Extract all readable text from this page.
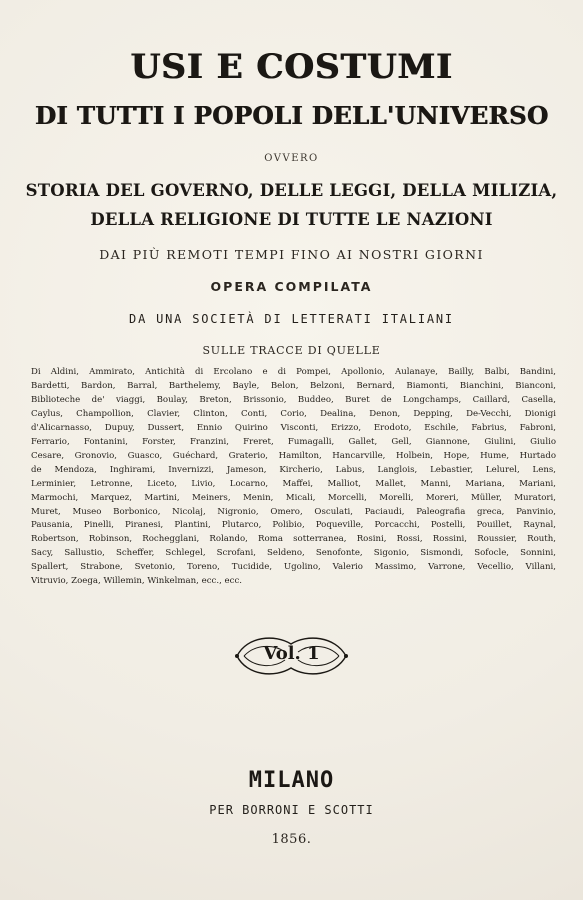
USI E COSTUMI
DI TUTTI I POPOLI DELL'UNIVERSO
OVVERO
STORIA DEL GOVERNO, DELLE LEGGI, DELLA MILIZIA,
DELLA RELIGIONE DI TUTTE LE NAZIONI
DAI PIÙ REMOTI TEMPI FINO AI NOSTRI GIORNI
OPERA COMPILATA
DA UNA SOCIETÀ DI LETTERATI ITALIANI
SULLE TRACCE DI QUELLE
Di Aldini, Ammirato, Antichità di Ercolano e di Pompei, Apollonio, Aulanaye, Bailly, Balbi, Bandini,
Bardetti, Bardon, Barral, Barthelemy, Bayle, Belon, Belzoni, Bernard, Biamonti, Bianchini, Bianconi,
Biblioteche de' viaggi, Boulay, Breton, Brissonio, Buddeo, Buret de Longchamps, Caillard, Casella,
Caylus, Champollion, Clavier, Clinton, Conti, Corio, Dealina, Denon, Depping, De-Vecchi, Dionigi
d'Alicarnasso, Dupuy, Dussert, Ennio Quirino Visconti, Erizzo, Erodoto, Eschile, Fabrius, Fabroni,
Ferrario, Fontanini, Forster, Franzini, Freret, Fumagalli, Gallet, Gell, Giannone, Giulini, Giulio
Cesare, Gronovio, Guasco, Guéchard, Graterio, Hamilton, Hancarville, Holbein, Hope, Hume, Hurtado
de Mendoza, Inghirami, Invernizzi, Jameson, Kircherio, Labus, Langlois, Lebastier, Lelurel, Lens,
Lerminier, Letronne, Liceto, Livio, Locarno, Maffei, Malliot, Mallet, Manni, Mariana, Mariani,
Marmochi, Marquez, Martini, Meiners, Menin, Micali, Morcelli, Morelli, Moreri, Müller, Muratori,
Muret, Museo Borbonico, Nicolaj, Nigronio, Omero, Osculati, Paciaudi, Paleografia greca, Panvinio,
Pausania, Pinelli, Piranesi, Plantini, Plutarco, Polibio, Poqueville, Porcacchi, Postelli, Pouillet, Raynal,
Robertson, Robinson, Rochegglani, Rolando, Roma sotterranea, Rosini, Rossi, Rossini, Roussier, Routh,
Sacy, Sallustio, Scheffer, Schlegel, Scrofani, Seldeno, Senofonte, Sigonio, Sismondi, Sofocle, Sonnini,
Spallert, Strabone, Svetonio, Toreno, Tucidide, Ugolino, Valerio Massimo, Varrone, Vecellio, Villani,
Vitruvio, Zoega, Willemin, Winkelman, ecc., ecc.
Vol. 1
MILANO
PER BORRONI E SCOTTI
1856.
